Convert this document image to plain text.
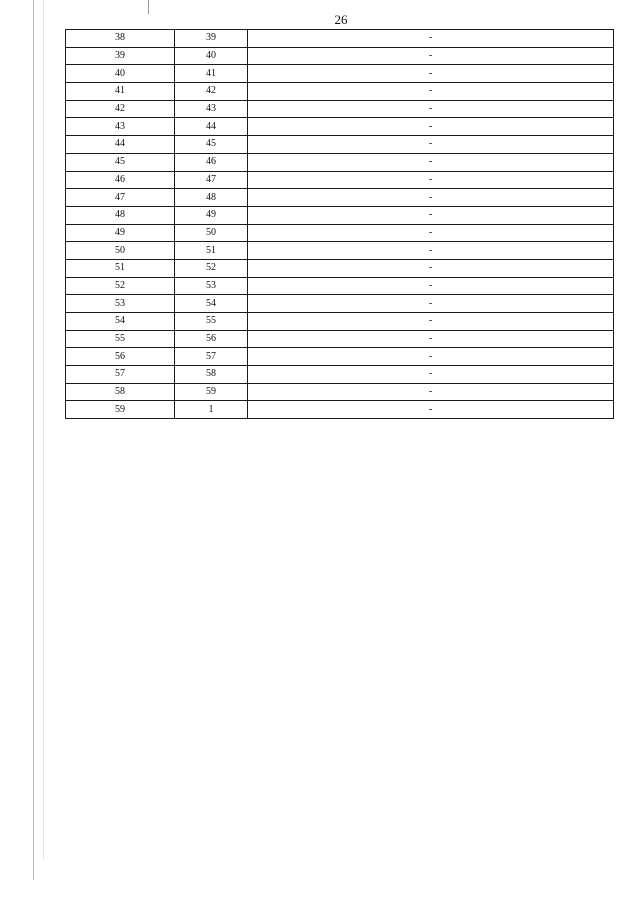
26
38	39	-
39	40	-
40	41	-
41	42	-
42	43	-
43	44	-
44	45	-
45	46	-
46	47	-
47	48	-
48	49	-
49	50	-
50	51	-
51	52	-
52	53	-
53	54	-
54	55	-
55	56	-
56	57	-
57	58	-
58	59	-
59	1	-
